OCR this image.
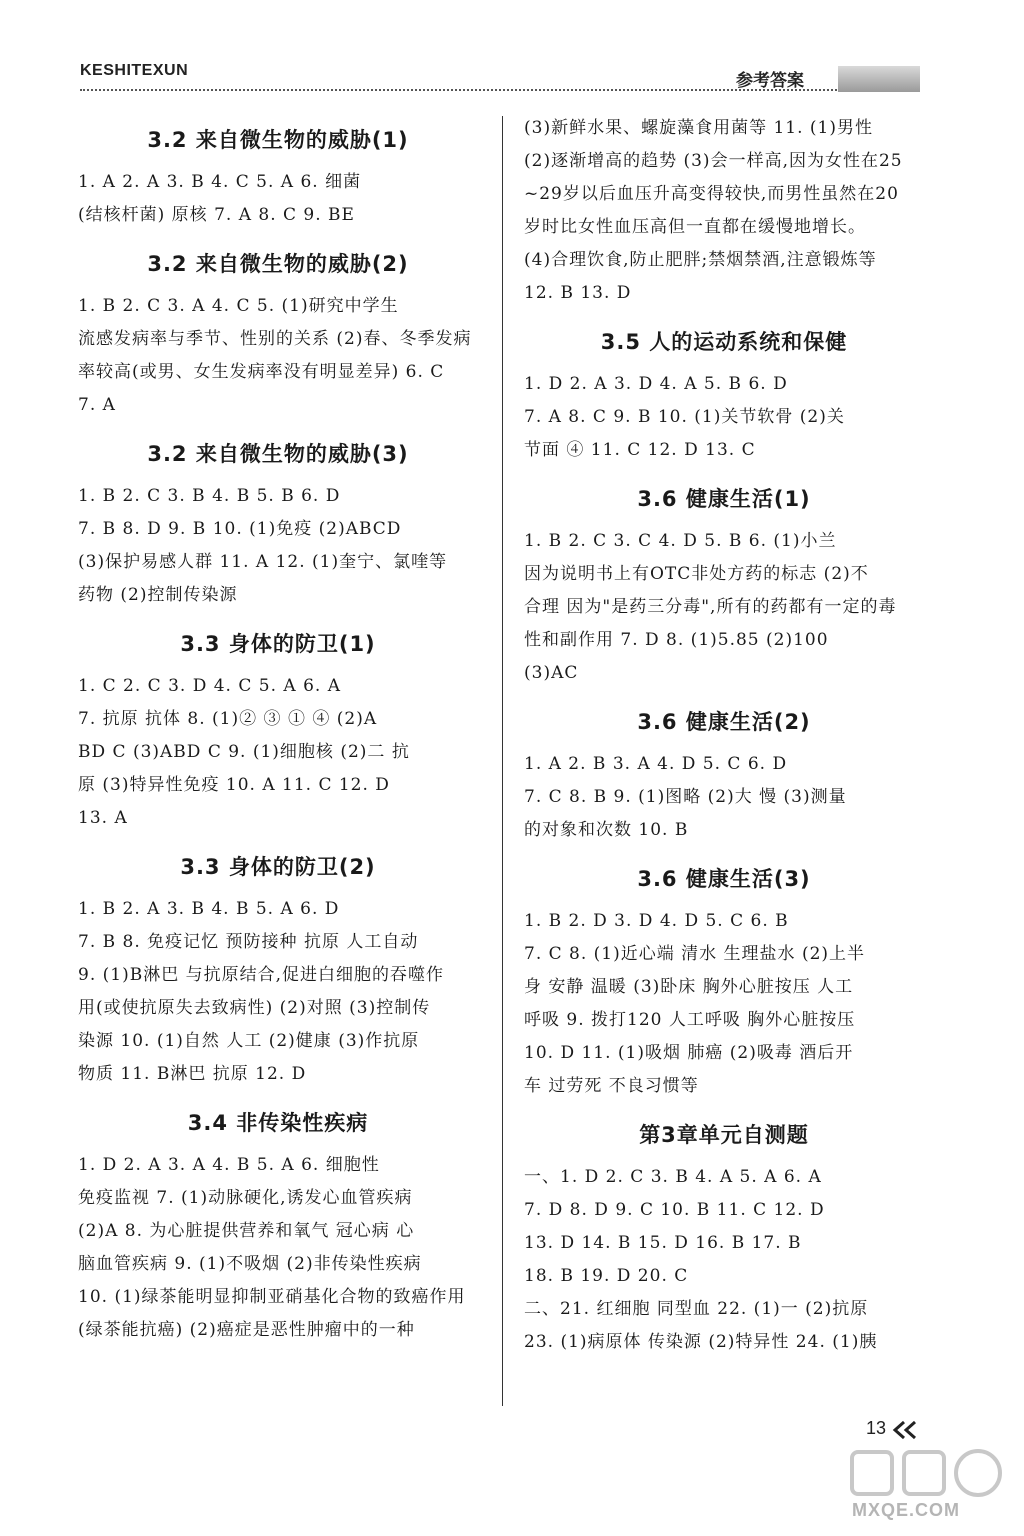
KESHITEXUN
参考答案
3.2 来自微生物的威胁(1)

1. A 2. A 3. B 4. C 5. A 6. 细菌

(结核杆菌) 原核 7. A 8. C 9. BE

3.2 来自微生物的威胁(2)

1. B 2. C 3. A 4. C 5. (1)研究中学生

流感发病率与季节、性别的关系 (2)春、冬季发病

率较高(或男、女生发病率没有明显差异) 6. C

7. A

3.2 来自微生物的威胁(3)

1. B 2. C 3. B 4. B 5. B 6. D

7. B 8. D 9. B 10. (1)免疫 (2)ABCD

(3)保护易感人群 11. A 12. (1)奎宁、氯喹等

药物 (2)控制传染源

3.3 身体的防卫(1)

1. C 2. C 3. D 4. C 5. A 6. A

7. 抗原 抗体 8. (1)② ③ ① ④ (2)A

BD C (3)ABD C 9. (1)细胞核 (2)二 抗

原 (3)特异性免疫 10. A 11. C 12. D

13. A

3.3 身体的防卫(2)

1. B 2. A 3. B 4. B 5. A 6. D

7. B 8. 免疫记忆 预防接种 抗原 人工自动

9. (1)B淋巴 与抗原结合,促进白细胞的吞噬作

用(或使抗原失去致病性) (2)对照 (3)控制传

染源 10. (1)自然 人工 (2)健康 (3)作抗原

物质 11. B淋巴 抗原 12. D

3.4 非传染性疾病

1. D 2. A 3. A 4. B 5. A 6. 细胞性

免疫监视 7. (1)动脉硬化,诱发心血管疾病

(2)A 8. 为心脏提供营养和氧气 冠心病 心

脑血管疾病 9. (1)不吸烟 (2)非传染性疾病

10. (1)绿茶能明显抑制亚硝基化合物的致癌作用

(绿茶能抗癌) (2)癌症是恶性肿瘤中的一种

(3)新鲜水果、螺旋藻食用菌等 11. (1)男性

(2)逐渐增高的趋势 (3)会一样高,因为女性在25

~29岁以后血压升高变得较快,而男性虽然在20

岁时比女性血压高但一直都在缓慢地增长。

(4)合理饮食,防止肥胖;禁烟禁酒,注意锻炼等

12. B 13. D

3.5 人的运动系统和保健

1. D 2. A 3. D 4. A 5. B 6. D

7. A 8. C 9. B 10. (1)关节软骨 (2)关

节面 ④ 11. C 12. D 13. C

3.6 健康生活(1)

1. B 2. C 3. C 4. D 5. B 6. (1)小兰

因为说明书上有OTC非处方药的标志 (2)不

合理 因为"是药三分毒",所有的药都有一定的毒

性和副作用 7. D 8. (1)5.85 (2)100

(3)AC

3.6 健康生活(2)

1. A 2. B 3. A 4. D 5. C 6. D

7. C 8. B 9. (1)图略 (2)大 慢 (3)测量

的对象和次数 10. B

3.6 健康生活(3)

1. B 2. D 3. D 4. D 5. C 6. B

7. C 8. (1)近心端 清水 生理盐水 (2)上半

身 安静 温暖 (3)卧床 胸外心脏按压 人工

呼吸 9. 拨打120 人工呼吸 胸外心脏按压

10. D 11. (1)吸烟 肺癌 (2)吸毒 酒后开

车 过劳死 不良习惯等

第3章单元自测题

一、1. D 2. C 3. B 4. A 5. A 6. A

7. D 8. D 9. C 10. B 11. C 12. D

13. D 14. B 15. D 16. B 17. B

18. B 19. D 20. C

二、21. 红细胞 同型血 22. (1)一 (2)抗原

23. (1)病原体 传染源 (2)特异性 24. (1)胰

13
MXQE.COM
